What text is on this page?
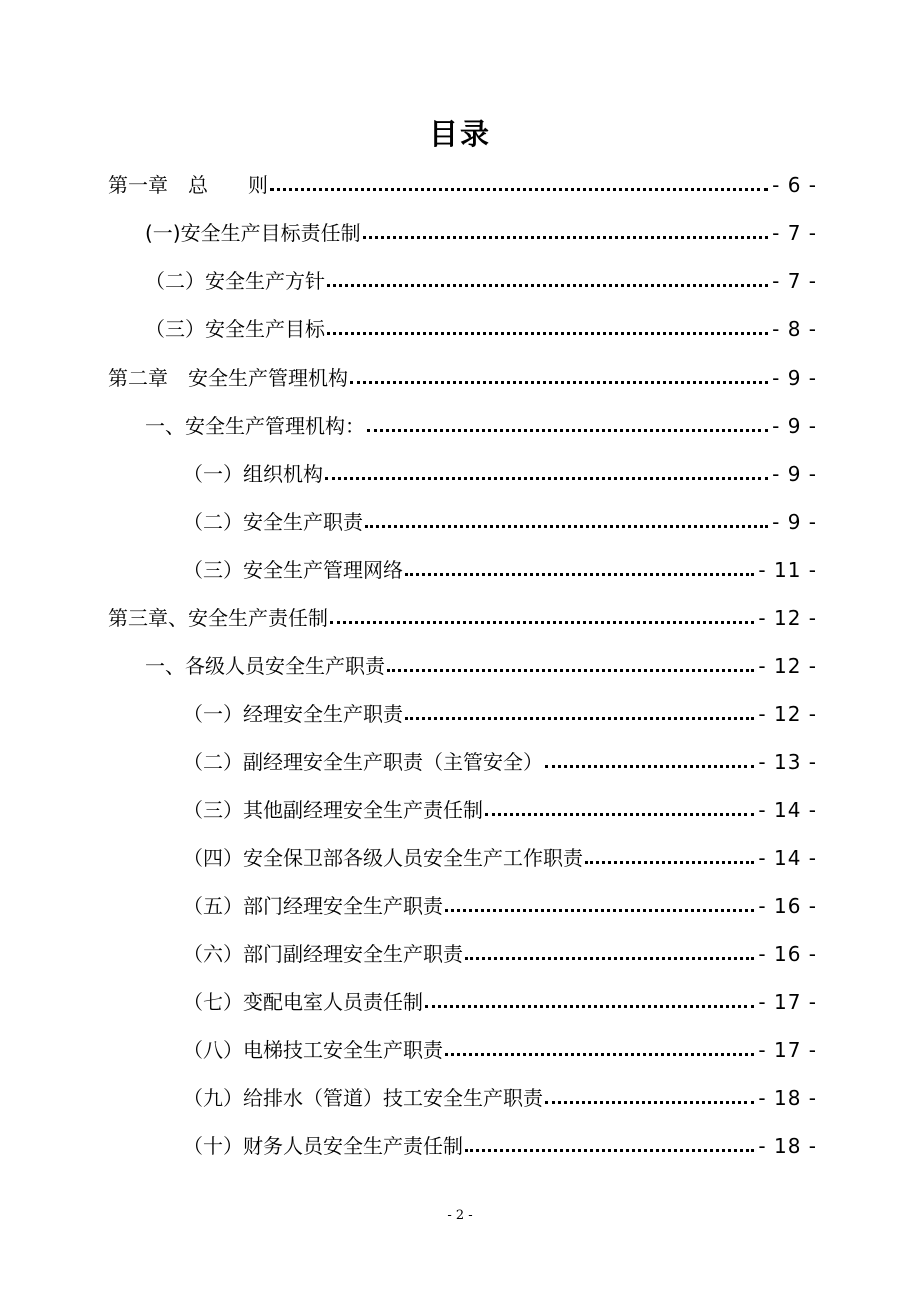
目录
第一章　总　　则	- 6 -
(一)安全生产目标责任制	- 7 -
（二）安全生产方针	- 7 -
（三）安全生产目标	- 8 -
第二章　安全生产管理机构	- 9 -
一、安全生产管理机构：	- 9 -
（一）组织机构	- 9 -
（二）安全生产职责	- 9 -
（三）安全生产管理网络	- 11 -
第三章、安全生产责任制	- 12 -
一、各级人员安全生产职责	- 12 -
（一）经理安全生产职责	- 12 -
（二）副经理安全生产职责（主管安全）	- 13 -
（三）其他副经理安全生产责任制	- 14 -
（四）安全保卫部各级人员安全生产工作职责	- 14 -
（五）部门经理安全生产职责	- 16 -
（六）部门副经理安全生产职责	- 16 -
（七）变配电室人员责任制	- 17 -
（八）电梯技工安全生产职责	- 17 -
（九）给排水（管道）技工安全生产职责	- 18 -
（十）财务人员安全生产责任制	- 18 -
- 2 -
